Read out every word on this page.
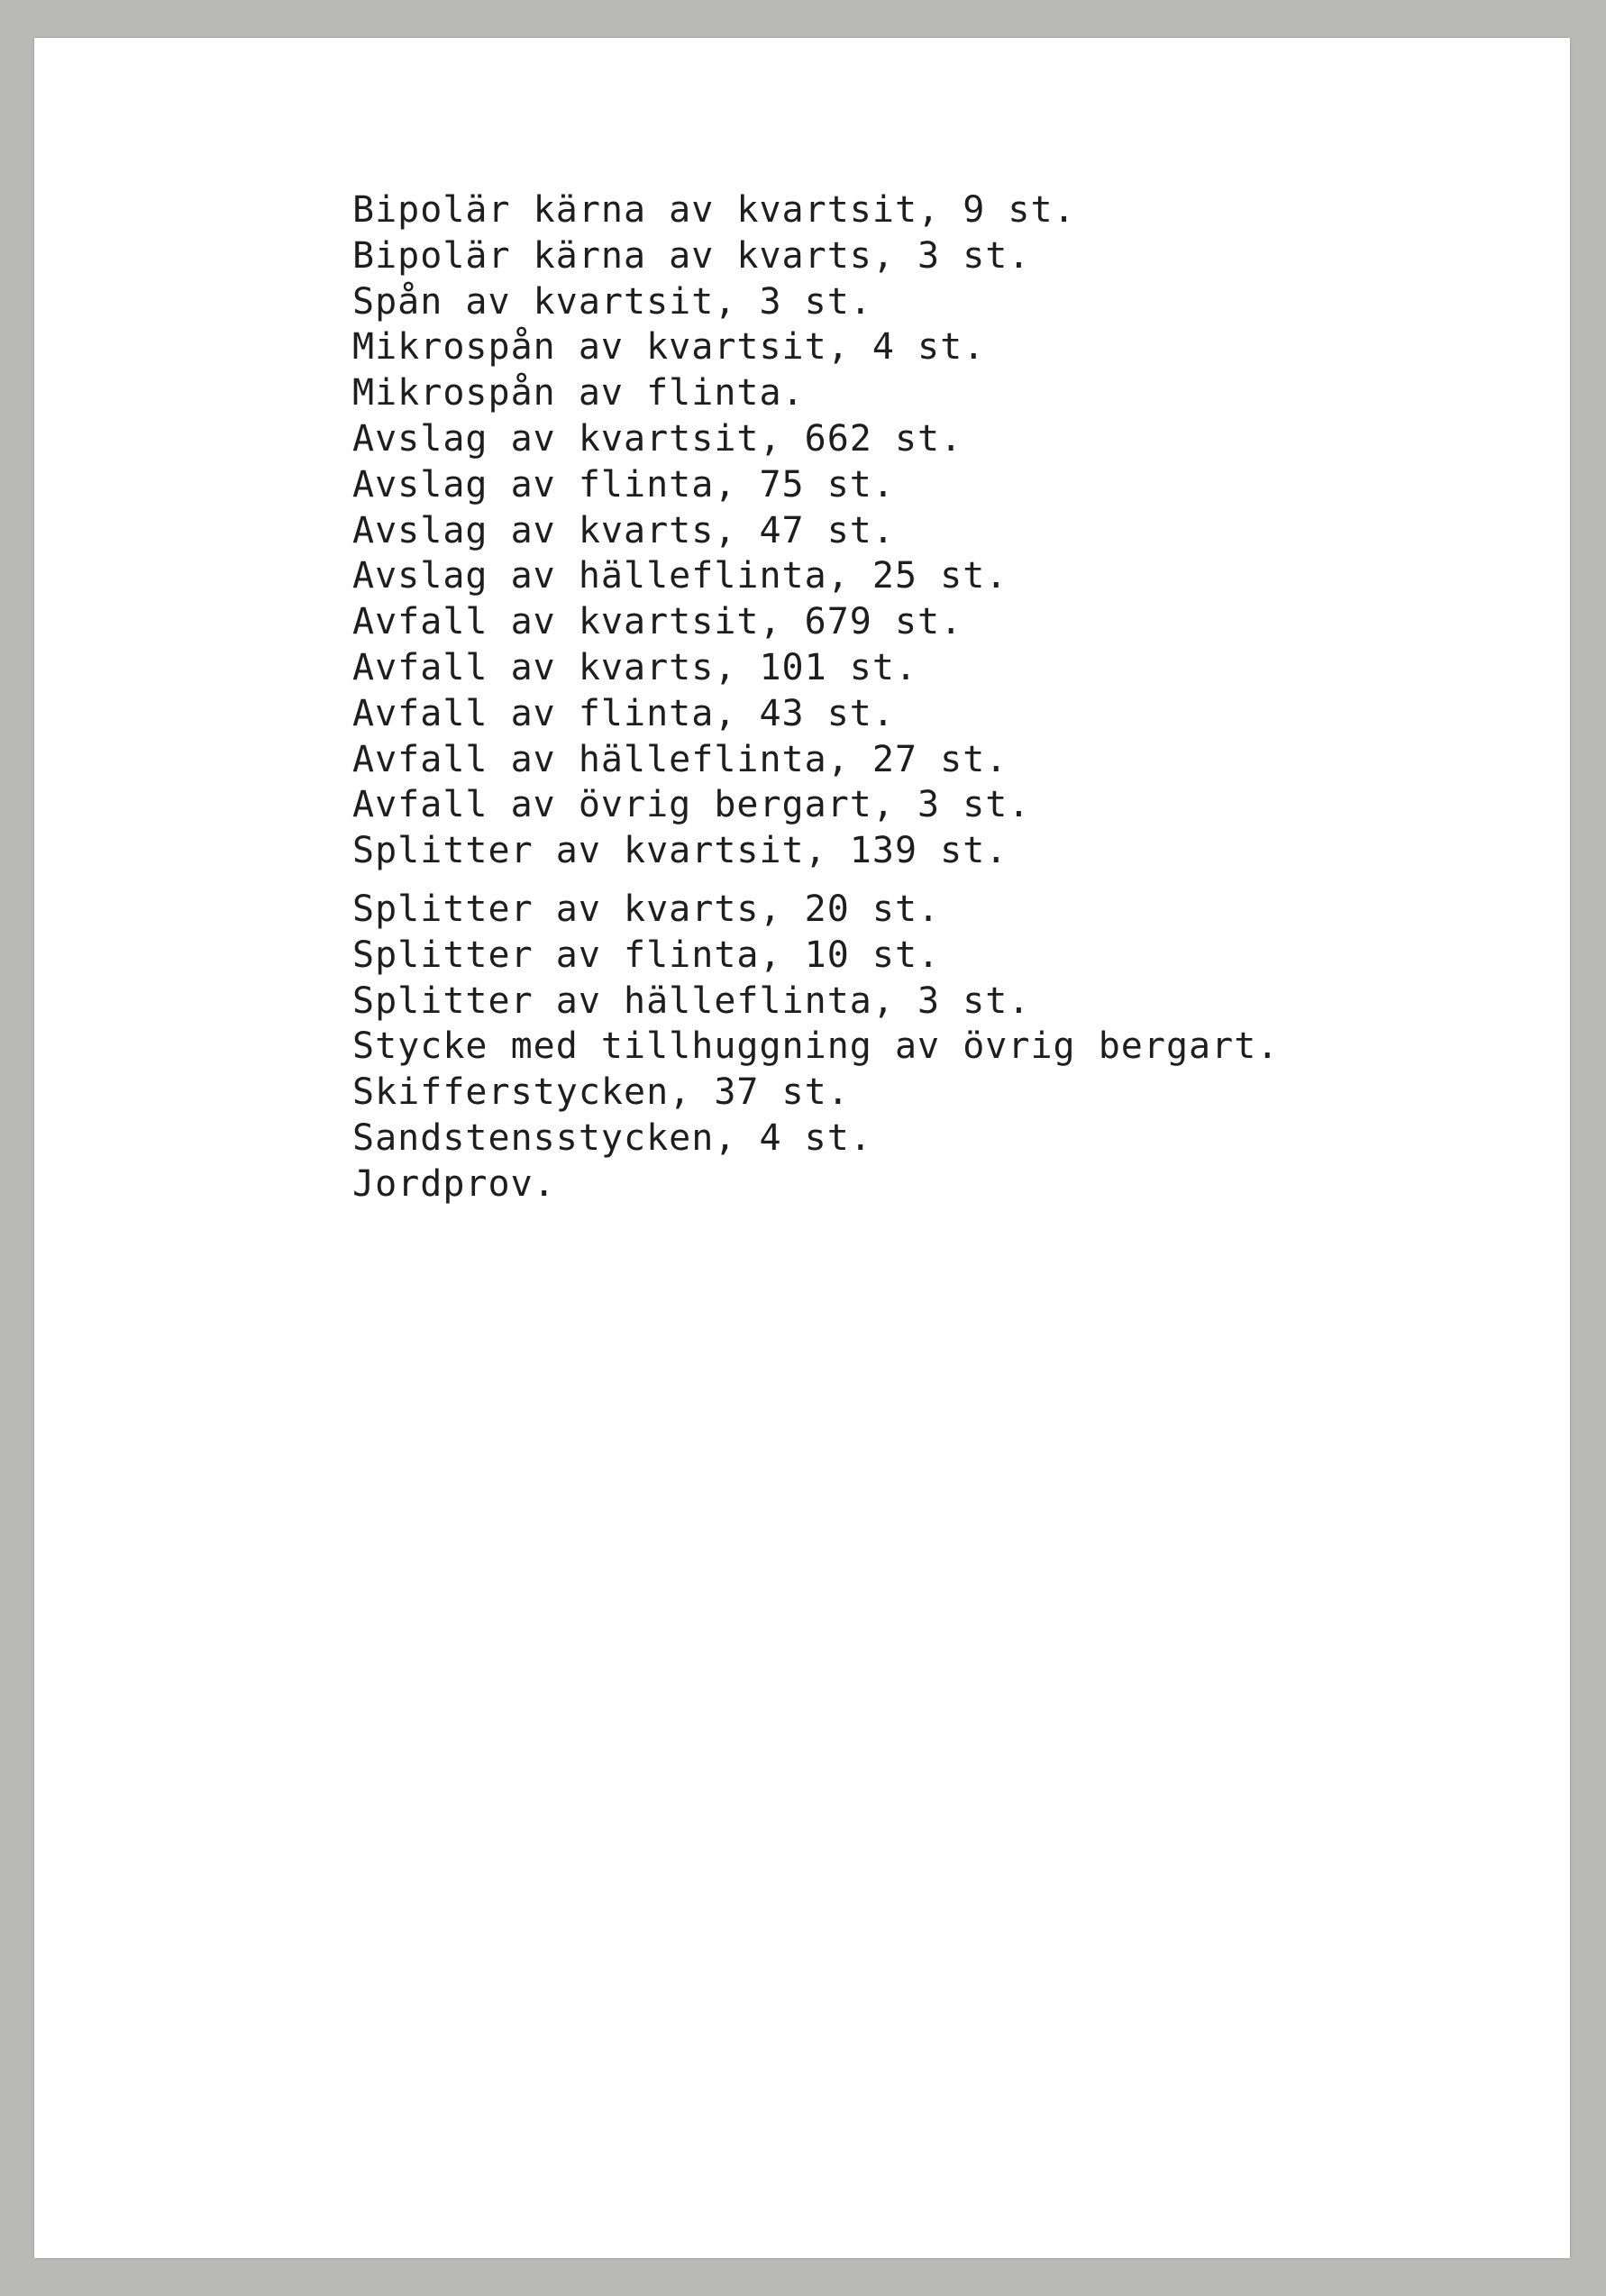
Bipolär kärna av kvartsit, 9 st.
Bipolär kärna av kvarts, 3 st.
Spån av kvartsit, 3 st.
Mikrospån av kvartsit, 4 st.
Mikrospån av flinta.
Avslag av kvartsit, 662 st.
Avslag av flinta, 75 st.
Avslag av kvarts, 47 st.
Avslag av hälleflinta, 25 st.
Avfall av kvartsit, 679 st.
Avfall av kvarts, 101 st.
Avfall av flinta, 43 st.
Avfall av hälleflinta, 27 st.
Avfall av övrig bergart, 3 st.
Splitter av kvartsit, 139 st.
Splitter av kvarts, 20 st.
Splitter av flinta, 10 st.
Splitter av hälleflinta, 3 st.
Stycke med tillhuggning av övrig bergart.
Skifferstycken, 37 st.
Sandstensstycken, 4 st.
Jordprov.
